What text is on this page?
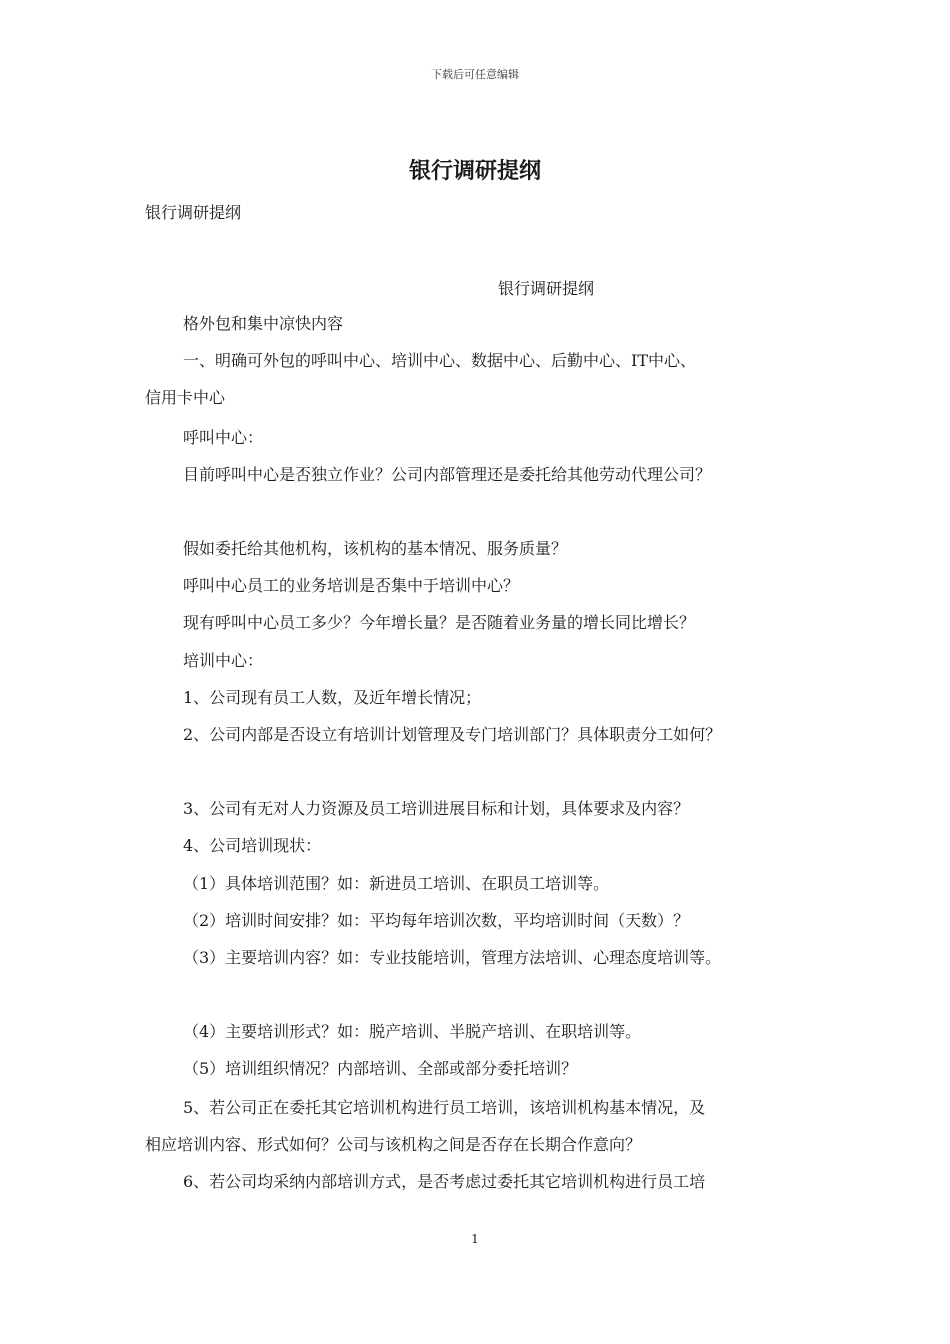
下载后可任意编辑
银行调研提纲
银行调研提纲
银行调研提纲
格外包和集中凉快内容
一、明确可外包的呼叫中心、培训中心、数据中心、后勤中心、IT中心、
信用卡中心
呼叫中心：
目前呼叫中心是否独立作业？公司内部管理还是委托给其他劳动代理公司？
假如委托给其他机构，该机构的基本情况、服务质量？
呼叫中心员工的业务培训是否集中于培训中心？
现有呼叫中心员工多少？今年增长量？是否随着业务量的增长同比增长？
培训中心：
1、公司现有员工人数，及近年增长情况；
2、公司内部是否设立有培训计划管理及专门培训部门？具体职责分工如何？
3、公司有无对人力资源及员工培训进展目标和计划，具体要求及内容？
4、公司培训现状：
（1）具体培训范围？如：新进员工培训、在职员工培训等。
（2）培训时间安排？如：平均每年培训次数，平均培训时间（天数）？
（3）主要培训内容？如：专业技能培训，管理方法培训、心理态度培训等。
（4）主要培训形式？如：脱产培训、半脱产培训、在职培训等。
（5）培训组织情况？内部培训、全部或部分委托培训？
5、若公司正在委托其它培训机构进行员工培训，该培训机构基本情况，及
相应培训内容、形式如何？公司与该机构之间是否存在长期合作意向？
6、若公司均采纳内部培训方式，是否考虑过委托其它培训机构进行员工培
1
